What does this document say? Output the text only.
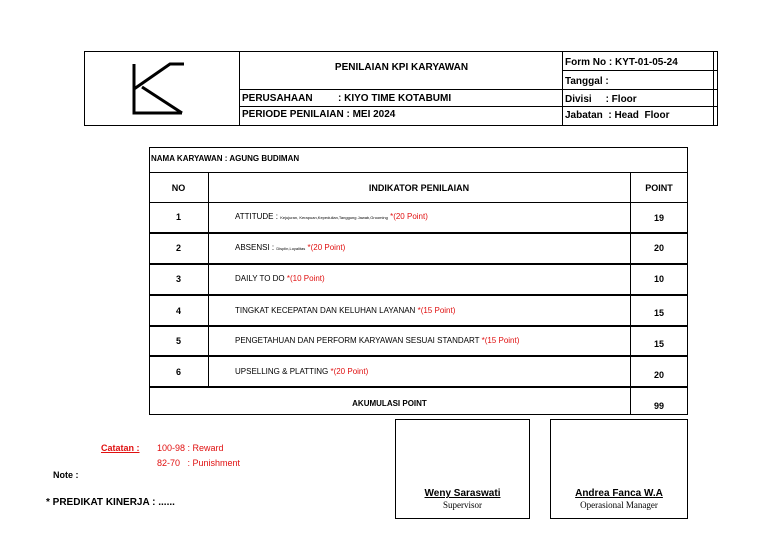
PENILAIAN KPI KARYAWAN
PERUSAHAAN	: KIYO TIME KOTABUMI
PERIODE PENILAIAN : MEI 2024
Form No : KYT-01-05-24
Tanggal :
Divisi     : Floor
Jabatan  : Head  Floor
NAMA KARYAWAN : AGUNG BUDIMAN
NO	INDIKATOR PENILAIAN	POINT
1	ATTITUDE : Kejujuran, Kerapuan,Kepedulian,Tanggung Jawab,Grooming *(20 Point)	19
2	ABSENSI : Displin,Loyalitas *(20 Point)	20
3	DAILY TO DO *(10 Point)	10
4	TINGKAT KECEPATAN DAN KELUHAN LAYANAN *(15 Point)	15
5	PENGETAHUAN DAN PERFORM KARYAWAN SESUAI STANDART *(15 Point)	15
6	UPSELLING & PLATTING *(20 Point)	20
AKUMULASI POINT	99
Catatan : 100-98 : Reward
82-70   : Punishment
Note :
* PREDIKAT KINERJA : ......
Weny Saraswati
Supervisor
Andrea Fanca W.A
Operasional Manager
